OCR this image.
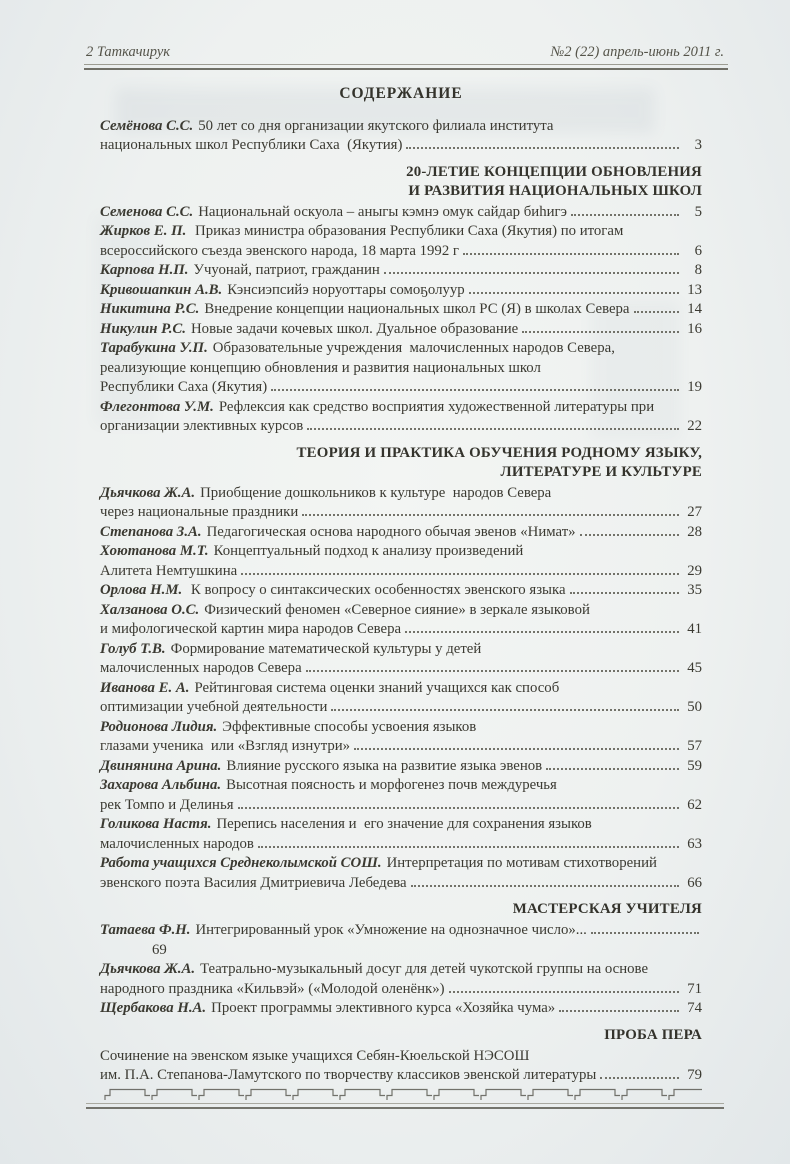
2 Таткачирук	№2 (22) апрель-июнь 2011 г.
СОДЕРЖАНИЕ
Семёнова С.С. 50 лет со дня организации якутского филиала института
национальных школ Республики Саха  (Якутия)	3
20-ЛЕТИЕ КОНЦЕПЦИИ ОБНОВЛЕНИЯ
И РАЗВИТИЯ НАЦИОНАЛЬНЫХ ШКОЛ
Семенова С.С. Национальнай оскуола – аныгы кэмнэ омук сайдар биһигэ	5
Жирков Е. П. Приказ министра образования Республики Саха (Якутия) по итогам
всероссийского съезда эвенского народа, 18 марта 1992 г	6
Карпова Н.П. Учуонай, патриот, гражданин	8
Кривошапкин А.В. Кэнсиэпсийэ норуоттары сомоҕолуур	13
Никитина Р.С. Внедрение концепции национальных школ РС (Я) в школах Севера	14
Никулин Р.С. Новые задачи кочевых школ. Дуальное образование	16
Тарабукина У.П. Образовательные учреждения  малочисленных народов Севера,
реализующие концепцию обновления и развития национальных школ
Республики Саха (Якутия)	19
Флегонтова У.М. Рефлексия как средство восприятия художественной литературы при
организации элективных курсов	22
ТЕОРИЯ И ПРАКТИКА ОБУЧЕНИЯ РОДНОМУ ЯЗЫКУ,
ЛИТЕРАТУРЕ И КУЛЬТУРЕ
Дьячкова Ж.А. Приобщение дошкольников к культуре  народов Севера
через национальные праздники	27
Степанова З.А. Педагогическая основа народного обычая эвенов «Нимат»	28
Хоютанова М.Т. Концептуальный подход к анализу произведений
Алитета Немтушкина	29
Орлова Н.М. К вопросу о синтаксических особенностях эвенского языка	35
Халзанова О.С. Физический феномен «Северное сияние» в зеркале языковой
и мифологической картин мира народов Севера	41
Голуб Т.В. Формирование математической культуры у детей
малочисленных народов Севера	45
Иванова Е. А. Рейтинговая система оценки знаний учащихся как способ
оптимизации учебной деятельности	50
Родионова Лидия. Эффективные способы усвоения языков
глазами ученика  или «Взгляд изнутри»	57
Двинянина Арина. Влияние русского языка на развитие языка эвенов	59
Захарова Альбина. Высотная поясность и морфогенез почв междуречья
рек Томпо и Делинья	62
Голикова Настя. Перепись населения и  его значение для сохранения языков
малочисленных народов	63
Работа учащихся Среднеколымской СОШ. Интерпретация по мотивам стихотворений
эвенского поэта Василия Дмитриевича Лебедева	66
МАСТЕРСКАЯ УЧИТЕЛЯ
Татаева Ф.Н. Интегрированный урок «Умножение на однозначное число»...
69
Дьячкова Ж.А. Театрально-музыкальный досуг для детей чукотской группы на основе
народного праздника «Кильвэй» («Молодой оленёнк»)	71
Щербакова Н.А. Проект программы элективного курса «Хозяйка чума»	74
ПРОБА ПЕРА
Сочинение на эвенском языке учащихся Себян-Кюельской НЭСОШ
им. П.А. Степанова-Ламутского по творчеству классиков эвенской литературы	79
